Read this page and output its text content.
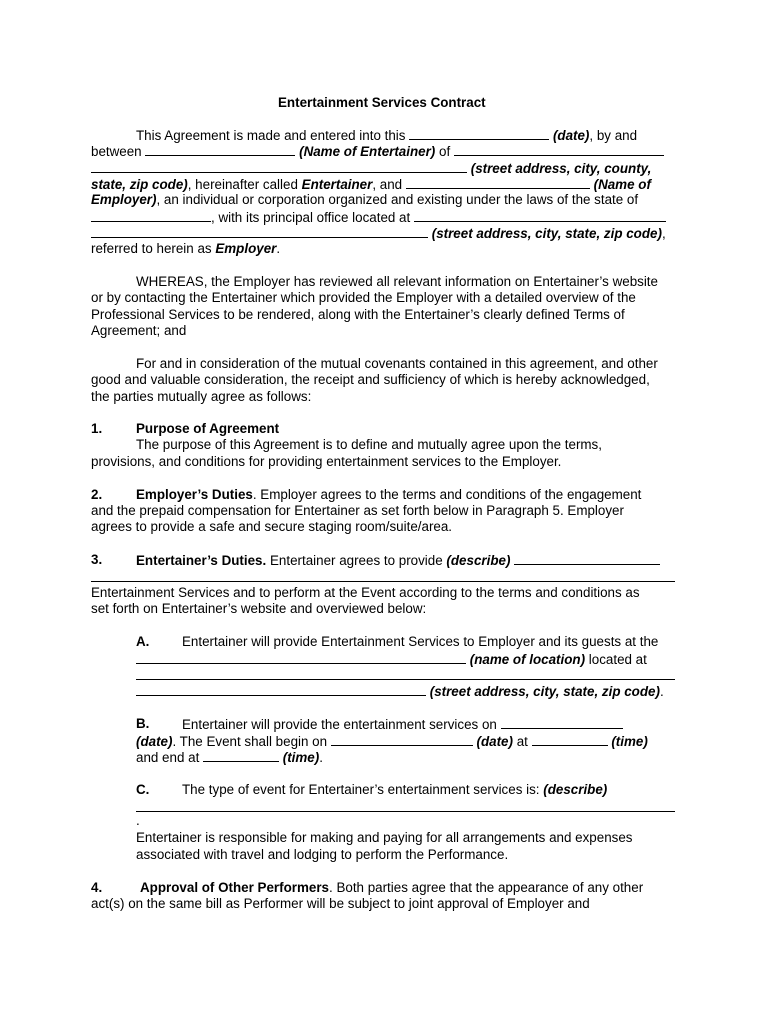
Entertainment Services Contract
This Agreement is made and entered into this	(date), by and
between	(Name of Entertainer) of
(street address, city, county,
state, zip code), hereinafter called Entertainer, and	(Name of
Employer), an individual or corporation organized and existing under the laws of the state of
, with its principal office located at
(street address, city, state, zip code),
referred to herein as Employer.
WHEREAS, the Employer has reviewed all relevant information on Entertainer’s website
or by contacting the Entertainer which provided the Employer with a detailed overview of the
Professional Services to be rendered, along with the Entertainer’s clearly defined Terms of
Agreement; and
For and in consideration of the mutual covenants contained in this agreement, and other
good and valuable consideration, the receipt and sufficiency of which is hereby acknowledged,
the parties mutually agree as follows:
1.	Purpose of Agreement
The purpose of this Agreement is to define and mutually agree upon the terms,
provisions, and conditions for providing entertainment services to the Employer.
2.	Employer’s Duties. Employer agrees to the terms and conditions of the engagement
and the prepaid compensation for Entertainer as set forth below in Paragraph 5. Employer
agrees to provide a safe and secure staging room/suite/area.
3.	Entertainer’s Duties. Entertainer agrees to provide (describe)
Entertainment Services and to perform at the Event according to the terms and conditions as
set forth on Entertainer’s website and overviewed below:
A. Entertainer will provide Entertainment Services to Employer and its guests at the
(name of location) located at
(street address, city, state, zip code).
B. Entertainer will provide the entertainment services on
(date). The Event shall begin on	(date) at	(time)
and end at	(time).
C. The type of event for Entertainer’s entertainment services is: (describe)
.
Entertainer is responsible for making and paying for all arrangements and expenses
associated with travel and lodging to perform the Performance.
4.	Approval of Other Performers. Both parties agree that the appearance of any other
act(s) on the same bill as Performer will be subject to joint approval of Employer and
